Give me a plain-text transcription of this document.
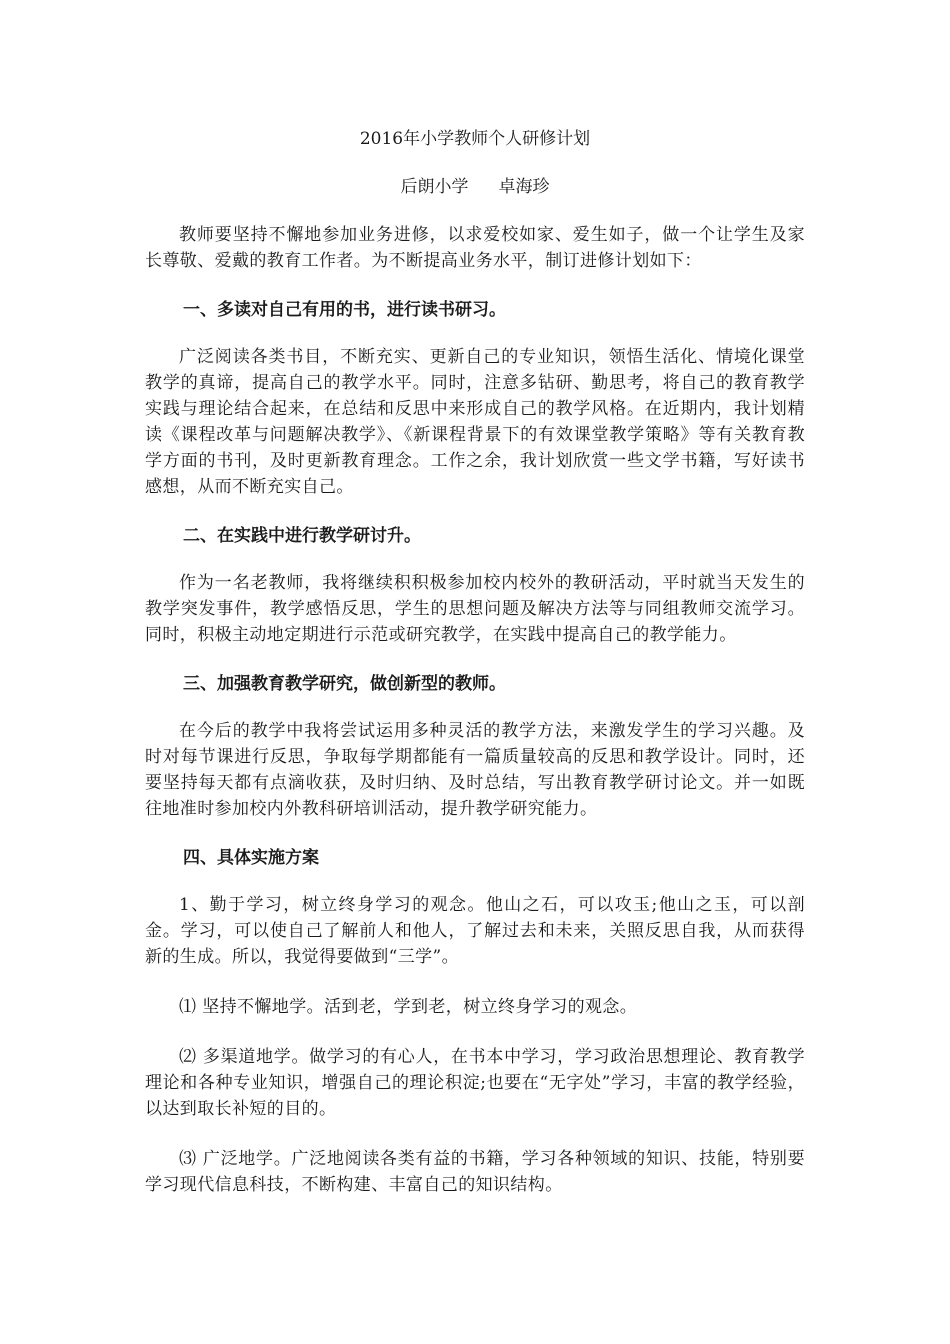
2016年小学教师个人研修计划
后朗小学 卓海珍

教师要坚持不懈地参加业务进修，以求爱校如家、爱生如子，做一个让学生及家长尊敬、爱戴的教育工作者。为不断提高业务水平，制订进修计划如下：

一、多读对自己有用的书，进行读书研习。

广泛阅读各类书目，不断充实、更新自己的专业知识，领悟生活化、情境化课堂教学的真谛，提高自己的教学水平。同时，注意多钻研、勤思考，将自己的教育教学实践与理论结合起来，在总结和反思中来形成自己的教学风格。在近期内，我计划精读《课程改革与问题解决教学》、《新课程背景下的有效课堂教学策略》等有关教育教学方面的书刊，及时更新教育理念。工作之余，我计划欣赏一些文学书籍，写好读书感想，从而不断充实自己。

二、在实践中进行教学研讨升。

作为一名老教师，我将继续积积极参加校内校外的教研活动，平时就当天发生的教学突发事件，教学感悟反思，学生的思想问题及解决方法等与同组教师交流学习。同时，积极主动地定期进行示范或研究教学，在实践中提高自己的教学能力。

三、加强教育教学研究，做创新型的教师。

在今后的教学中我将尝试运用多种灵活的教学方法，来激发学生的学习兴趣。及时对每节课进行反思，争取每学期都能有一篇质量较高的反思和教学设计。同时，还要坚持每天都有点滴收获，及时归纳、及时总结，写出教育教学研讨论文。并一如既往地准时参加校内外教科研培训活动，提升教学研究能力。

四、具体实施方案

1、勤于学习，树立终身学习的观念。他山之石，可以攻玉;他山之玉，可以剖金。学习，可以使自己了解前人和他人，了解过去和未来，关照反思自我，从而获得新的生成。所以，我觉得要做到“三学”。

⑴ 坚持不懈地学。活到老，学到老，树立终身学习的观念。

⑵ 多渠道地学。做学习的有心人，在书本中学习，学习政治思想理论、教育教学理论和各种专业知识，增强自己的理论积淀;也要在“无字处”学习，丰富的教学经验，以达到取长补短的目的。

⑶ 广泛地学。广泛地阅读各类有益的书籍，学习各种领域的知识、技能，特别要学习现代信息科技，不断构建、丰富自己的知识结构。
